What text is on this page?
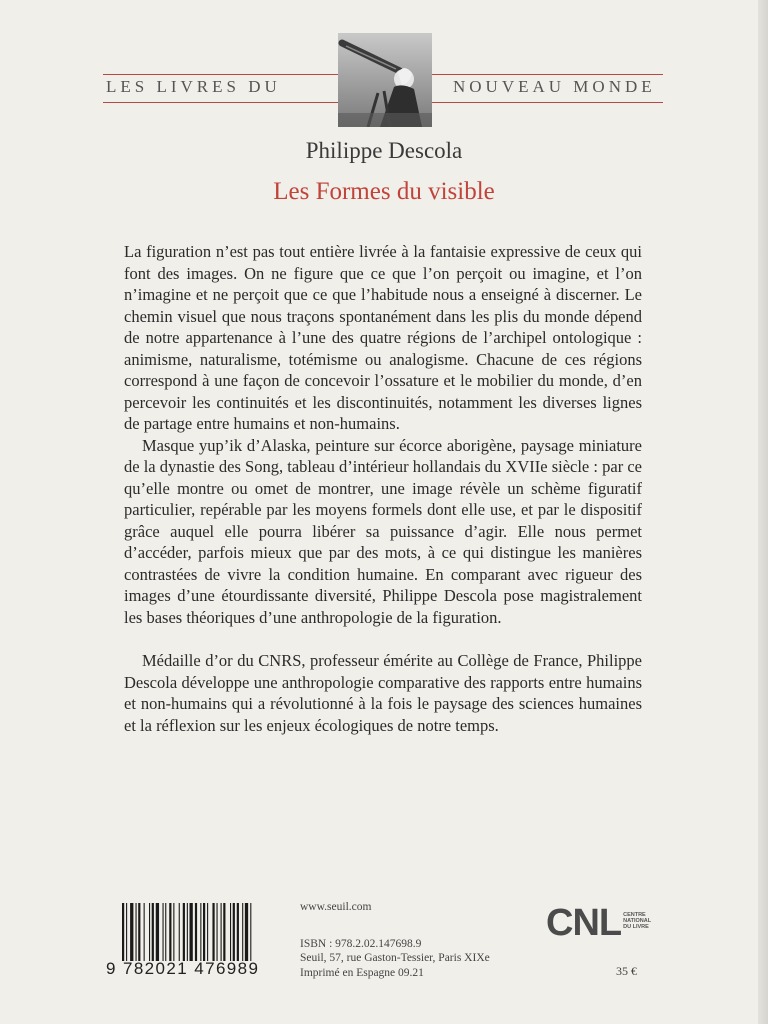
LES LIVRES DU	NOUVEAU MONDE
Philippe Descola
Les Formes du visible

La figuration n’est pas tout entière livrée à la fantaisie expressive de ceux qui font des images. On ne figure que ce que l’on perçoit ou imagine, et l’on n’imagine et ne perçoit que ce que l’habitude nous a enseigné à discerner. Le chemin visuel que nous traçons spontanément dans les plis du monde dépend de notre appartenance à l’une des quatre régions de l’archipel ontologique : animisme, naturalisme, totémisme ou analogisme. Chacune de ces régions correspond à une façon de concevoir l’ossature et le mobilier du monde, d’en percevoir les continuités et les discontinuités, notamment les diverses lignes de partage entre humains et non-humains.

Masque yup’ik d’Alaska, peinture sur écorce aborigène, paysage miniature de la dynastie des Song, tableau d’intérieur hollandais du XVIIe siècle : par ce qu’elle montre ou omet de montrer, une image révèle un schème figuratif particulier, repérable par les moyens formels dont elle use, et par le dispositif grâce auquel elle pourra libérer sa puissance d’agir. Elle nous permet d’accéder, parfois mieux que par des mots, à ce qui distingue les manières contrastées de vivre la condition humaine. En comparant avec rigueur des images d’une étourdissante diversité, Philippe Descola pose magistralement les bases théoriques d’une anthropologie de la figuration.

Médaille d’or du CNRS, professeur émérite au Collège de France, Philippe Descola développe une anthropologie comparative des rapports entre humains et non-humains qui a révolutionné à la fois le paysage des sciences humaines et la réflexion sur les enjeux écologiques de notre temps.

9 782021 476989
www.seuil.com
ISBN : 978.2.02.147698.9
Seuil, 57, rue Gaston-Tessier, Paris XIXe
Imprimé en Espagne 09.21
CNL CENTRE NATIONAL DU LIVRE
35 €
